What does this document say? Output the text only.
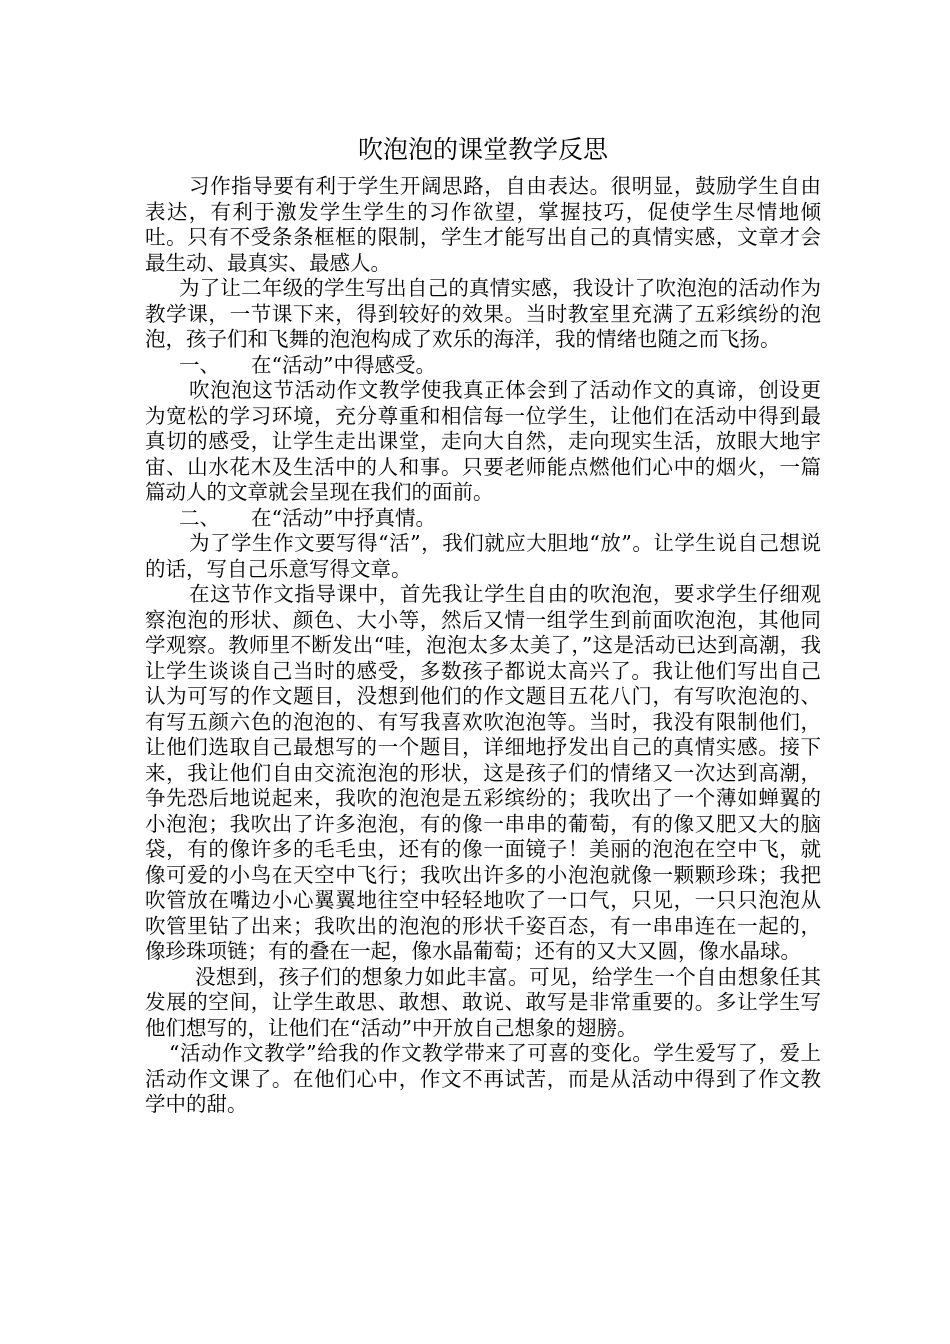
吹泡泡的课堂教学反思

习作指导要有利于学生开阔思路，自由表达。很明显，鼓励学生自由表达，有利于激发学生学生的习作欲望，掌握技巧，促使学生尽情地倾吐。只有不受条条框框的限制，学生才能写出自己的真情实感，文章才会最生动、最真实、最感人。

为了让二年级的学生写出自己的真情实感，我设计了吹泡泡的活动作为教学课，一节课下来，得到较好的效果。当时教室里充满了五彩缤纷的泡泡，孩子们和飞舞的泡泡构成了欢乐的海洋，我的情绪也随之而飞扬。

一、 在“活动”中得感受。

吹泡泡这节活动作文教学使我真正体会到了活动作文的真谛，创设更为宽松的学习环境，充分尊重和相信每一位学生，让他们在活动中得到最真切的感受，让学生走出课堂，走向大自然，走向现实生活，放眼大地宇宙、山水花木及生活中的人和事。只要老师能点燃他们心中的烟火，一篇篇动人的文章就会呈现在我们的面前。

二、 在“活动”中抒真情。

为了学生作文要写得“活”，我们就应大胆地“放”。让学生说自己想说的话，写自己乐意写得文章。

在这节作文指导课中，首先我让学生自由的吹泡泡，要求学生仔细观察泡泡的形状、颜色、大小等，然后又情一组学生到前面吹泡泡，其他同学观察。教师里不断发出“哇，泡泡太多太美了，”这是活动已达到高潮，我让学生谈谈自己当时的感受，多数孩子都说太高兴了。我让他们写出自己认为可写的作文题目，没想到他们的作文题目五花八门，有写吹泡泡的、有写五颜六色的泡泡的、有写我喜欢吹泡泡等。当时，我没有限制他们，让他们选取自己最想写的一个题目，详细地抒发出自己的真情实感。接下来，我让他们自由交流泡泡的形状，这是孩子们的情绪又一次达到高潮，争先恐后地说起来，我吹的泡泡是五彩缤纷的；我吹出了一个薄如蝉翼的小泡泡；我吹出了许多泡泡，有的像一串串的葡萄，有的像又肥又大的脑袋，有的像许多的毛毛虫，还有的像一面镜子！美丽的泡泡在空中飞，就像可爱的小鸟在天空中飞行；我吹出许多的小泡泡就像一颗颗珍珠；我把吹管放在嘴边小心翼翼地往空中轻轻地吹了一口气，只见，一只只泡泡从吹管里钻了出来；我吹出的泡泡的形状千姿百态，有一串串连在一起的，像珍珠项链；有的叠在一起，像水晶葡萄；还有的又大又圆，像水晶球。

没想到，孩子们的想象力如此丰富。可见，给学生一个自由想象任其发展的空间，让学生敢思、敢想、敢说、敢写是非常重要的。多让学生写他们想写的，让他们在“活动”中开放自己想象的翅膀。

“活动作文教学”给我的作文教学带来了可喜的变化。学生爱写了，爱上活动作文课了。在他们心中，作文不再试苦，而是从活动中得到了作文教学中的甜。
